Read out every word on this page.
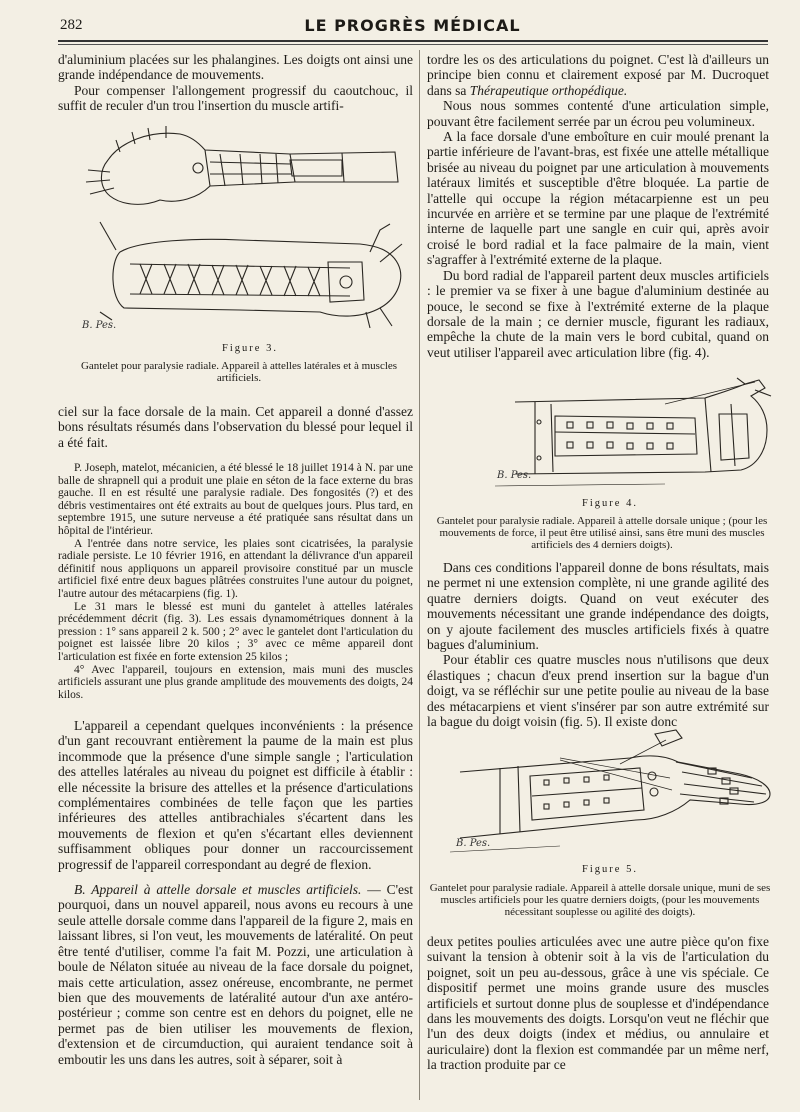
282	LE PROGRÈS MÉDICAL

d'aluminium placées sur les phalangines. Les doigts ont ainsi une grande indépendance de mouvements.

Pour compenser l'allongement progressif du caoutchouc, il suffit de reculer d'un trou l'insertion du muscle artifi-

B. Pes.
Figure 3.
Gantelet pour paralysie radiale. Appareil à attelles latérales et à muscles artificiels.

ciel sur la face dorsale de la main. Cet appareil a donné d'assez bons résultats résumés dans l'observation du blessé pour lequel il a été fait.

P. Joseph, matelot, mécanicien, a été blessé le 18 juillet 1914 à N. par une balle de shrapnell qui a produit une plaie en séton de la face externe du bras gauche. Il en est résulté une paralysie radiale. Des fongosités (?) et des débris vestimentaires ont été extraits au bout de quelques jours. Plus tard, en septembre 1915, une suture nerveuse a été pratiquée sans résultat dans un hôpital de l'intérieur.

A l'entrée dans notre service, les plaies sont cicatrisées, la paralysie radiale persiste. Le 10 février 1916, en attendant la délivrance d'un appareil définitif nous appliquons un appareil provisoire constitué par un muscle artificiel fixé entre deux bagues plâtrées construites l'une autour du poignet, l'autre autour des métacarpiens (fig. 1).

Le 31 mars le blessé est muni du gantelet à attelles latérales précédemment décrit (fig. 3). Les essais dynamométriques donnent à la pression : 1° sans appareil 2 k. 500 ; 2° avec le gantelet dont l'articulation du poignet est laissée libre 20 kilos ; 3° avec ce même appareil dont l'articulation est fixée en forte extension 25 kilos ;

4° Avec l'appareil, toujours en extension, mais muni des muscles artificiels assurant une plus grande amplitude des mouvements des doigts, 24 kilos.

L'appareil a cependant quelques inconvénients : la présence d'un gant recouvrant entièrement la paume de la main est plus incommode que la présence d'une simple sangle ; l'articulation des attelles latérales au niveau du poignet est difficile à établir : elle nécessite la brisure des attelles et la présence d'articulations complémentaires combinées de telle façon que les parties inférieures des attelles antibrachiales s'écartent dans les mouvements de flexion et qu'en s'écartant elles deviennent suffisamment obliques pour donner un raccourcissement progressif de l'appareil correspondant au degré de flexion.

B. Appareil à attelle dorsale et muscles artificiels. — C'est pourquoi, dans un nouvel appareil, nous avons eu recours à une seule attelle dorsale comme dans l'appareil de la figure 2, mais en laissant libres, si l'on veut, les mouvements de latéralité. On peut être tenté d'utiliser, comme l'a fait M. Pozzi, une articulation à boule de Nélaton située au niveau de la face dorsale du poignet, mais cette articulation, assez onéreuse, encombrante, ne permet bien que des mouvements de latéralité autour d'un axe antéro-postérieur ; comme son centre est en dehors du poignet, elle ne permet pas de bien utiliser les mouvements de flexion, d'extension et de circumduction, qui auraient tendance soit à emboutir les uns dans les autres, soit à séparer, soit à

tordre les os des articulations du poignet. C'est là d'ailleurs un principe bien connu et clairement exposé par M. Ducroquet dans sa Thérapeutique orthopédique.

Nous nous sommes contenté d'une articulation simple, pouvant être facilement serrée par un écrou peu volumineux.

A la face dorsale d'une emboîture en cuir moulé prenant la partie inférieure de l'avant-bras, est fixée une attelle métallique brisée au niveau du poignet par une articulation à mouvements latéraux limités et susceptible d'être bloquée. La partie de l'attelle qui occupe la région métacarpienne est un peu incurvée en arrière et se termine par une plaque de l'extrémité interne de laquelle part une sangle en cuir qui, après avoir croisé le bord radial et la face palmaire de la main, vient s'agraffer à l'extrémité externe de la plaque.

Du bord radial de l'appareil partent deux muscles artificiels : le premier va se fixer à une bague d'aluminium destinée au pouce, le second se fixe à l'extrémité externe de la plaque dorsale de la main ; ce dernier muscle, figurant les radiaux, empêche la chute de la main vers le bord cubital, quand on veut utiliser l'appareil avec articulation libre (fig. 4).

B. Pes.
Figure 4.
Gantelet pour paralysie radiale. Appareil à attelle dorsale unique ; (pour les mouvements de force, il peut être utilisé ainsi, sans être muni des muscles artificiels des 4 derniers doigts).

Dans ces conditions l'appareil donne de bons résultats, mais ne permet ni une extension complète, ni une grande agilité des quatre derniers doigts. Quand on veut exécuter des mouvements nécessitant une grande indépendance des doigts, on y ajoute facilement des muscles artificiels fixés à quatre bagues d'aluminium.

Pour établir ces quatre muscles nous n'utilisons que deux élastiques ; chacun d'eux prend insertion sur la bague d'un doigt, va se réfléchir sur une petite poulie au niveau de la base des métacarpiens et vient s'insérer par son autre extrémité sur la bague du doigt voisin (fig. 5). Il existe donc

B. Pes.
Figure 5.
Gantelet pour paralysie radiale. Appareil à attelle dorsale unique, muni de ses muscles artificiels pour les quatre derniers doigts, (pour les mouvements nécessitant souplesse ou agilité des doigts).

deux petites poulies articulées avec une autre pièce qu'on fixe suivant la tension à obtenir soit à la vis de l'articulation du poignet, soit un peu au-dessous, grâce à une vis spéciale. Ce dispositif permet une moins grande usure des muscles artificiels et surtout donne plus de souplesse et d'indépendance dans les mouvements des doigts. Lorsqu'on veut ne fléchir que l'un des deux doigts (index et médius, ou annulaire et auriculaire) dont la flexion est commandée par un même nerf, la traction produite par ce
